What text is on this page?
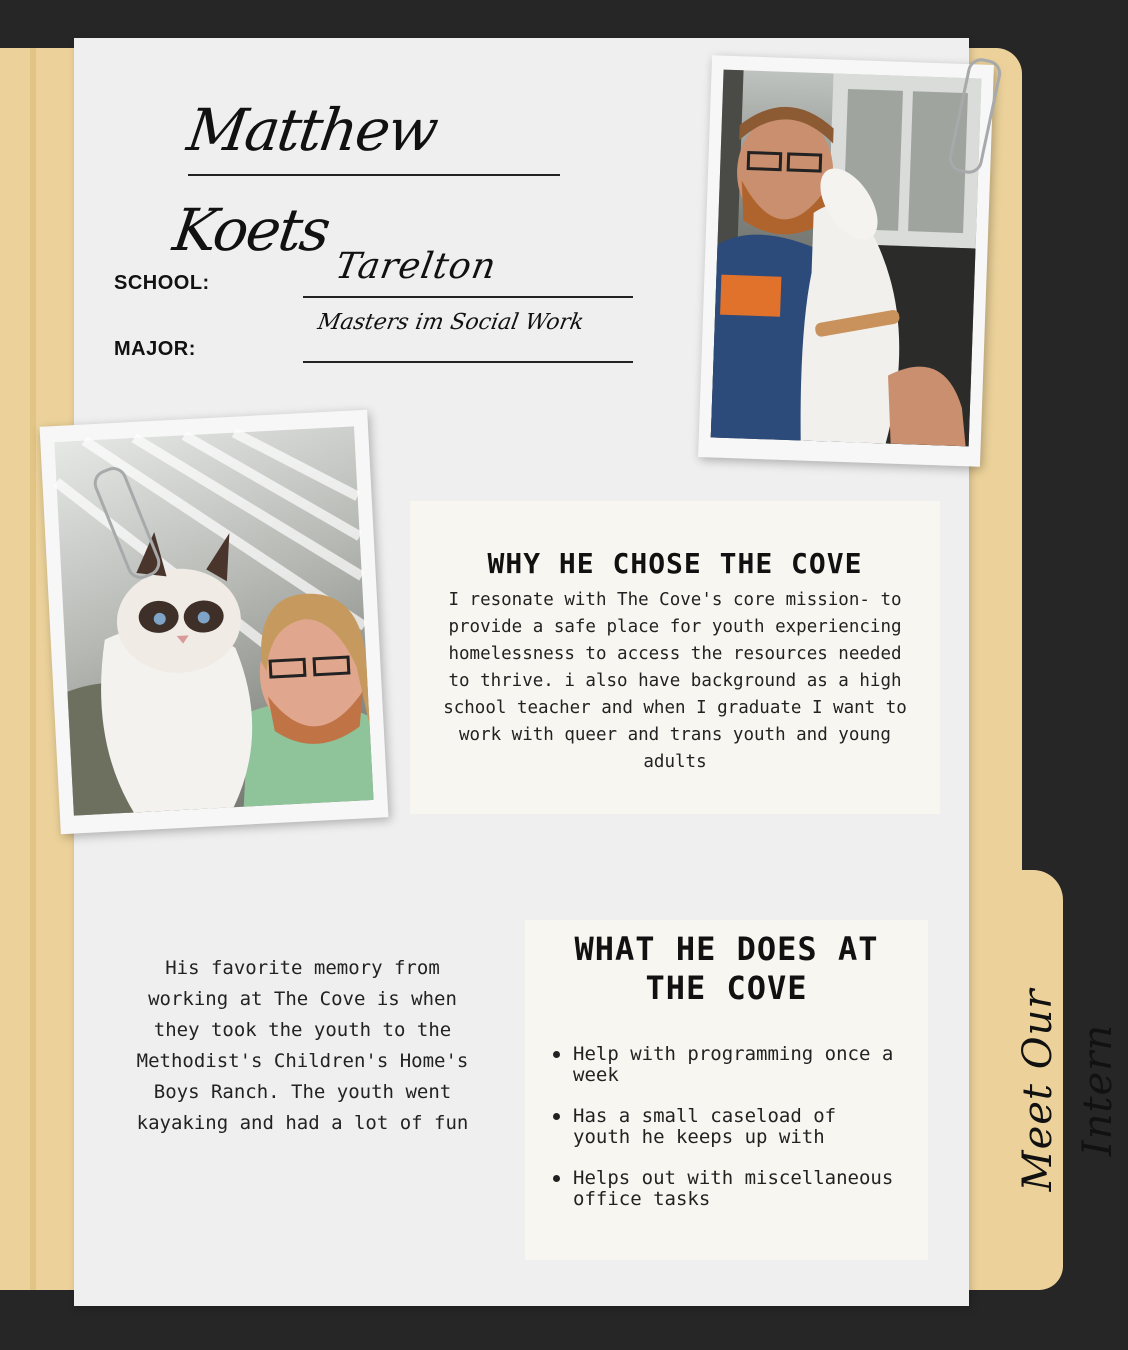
Matthew Koets
SCHOOL:	Tarelton
MAJOR:
Masters im Social Work
WHY HE CHOSE THE COVE
I resonate with The Cove's core mission- to provide a safe place for youth experiencing homelessness to access the resources needed to thrive. i also have background as a high school teacher and when I graduate I want to work with queer and trans youth and young adults
His favorite memory from working at The Cove is when they took the youth to the Methodist's Children's Home's Boys Ranch. The youth went kayaking and had a lot of fun
WHAT HE DOES AT THE COVE
Help with programming once a week
Has a small caseload of youth he keeps up with
Helps out with miscellaneous office tasks
Meet Our Intern
